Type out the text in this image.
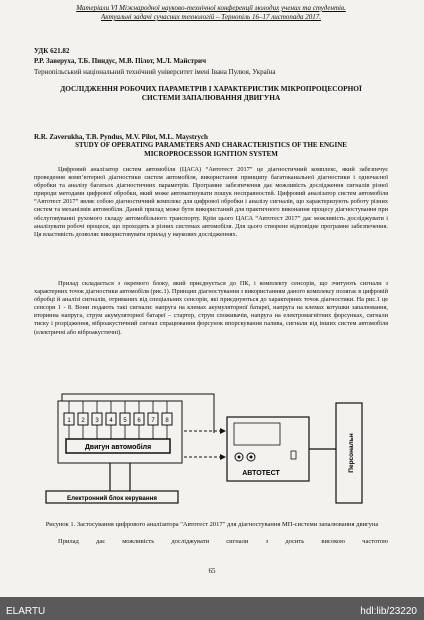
Матеріали VI Міжнародної науково-технічної конференції молодих учених та студентів.
Актуальні задачі сучасних технологій – Тернопіль 16–17 листопада 2017.
УДК 621.82
Р.Р. Заверуха, Т.Б. Пиндус, М.В. Пілот, М.Л. Майстрич
Тернопільський національний технічний університет імені Івана Пулюя, Україна
ДОСЛІДЖЕННЯ РОБОЧИХ ПАРАМЕТРІВ І ХАРАКТЕРИСТИК МІКРОПРОЦЕСОРНОЇ СИСТЕМИ ЗАПАЛЮВАННЯ ДВИГУНА
R.R. Zaverukha, T.B. Pyndus, M.V. Pilot, M.L. Maystrych
STUDY OF OPERATING PARAMETERS AND CHARACTERISTICS OF THE ENGINE MICROPROCESSOR IGNITION SYSTEM
Цифровий аналізатор систем автомобіля (ЦАСА) “Автотест 2017” це діагностичний комплекс, який забезпечує проведення комп’ютерної діагностики систем автомобіля, використання принципу багатоканальної діагностики і одночасної обробки та аналізу багатьох діагностичних параметрів. Програмне забезпечення дає можливість дослідження сигналів різної природи методами цифрової обробки, який може автоматизувати пошук несправностей. Цифровий аналізатор систем автомобіля “Автотест 2017” являє собою діагностичний комплекс для цифрової обробки і аналізу сигналів, що характеризують роботу різних систем та механізмів автомобіля. Даний прилад може бути використаний для практичного виконання процесу діагностування при обслуговуванні рухомого складу автомобільного транспорту. Крім цього ЦАСА “Автотест 2017” дає можливість досліджувати і аналізувати робочі процеси, що проходять в різних системах автомобіля. Для цього створене відповідне програмне забезпечення. Ця властивість дозволяє використовувати прилад у наукових дослідженнях.
Прилад складається з окремого блоку, який приєднується до ПК, і комплекту сенсорів, що зчитують сигнали з характерних точок діагностики автомобіля (рис.1). Принцип діагностування з використанням даного комплексу полягає в цифровій обробці й аналізі сигналів, отриманих від спеціальних сенсорів, які приєднуються до характерних точок діагностики. На рис.1 це сенсори 1 - 8. Вони подають такі сигнали: напруга на клемах акумуляторної батареї, напруга на клемах котушки запалювання, вторинна напруга, струм акумуляторної батареї – стартер, струм споживачів, напруга на електромагнітних форсунках, сигнали тиску і розрідження, віброакустичний сигнал спрацювання форсунок впорскування палива, сигнали від інших систем автомобіля (електричні або віброакустичні).
1 2 3 4 5 6 7 8
Двигун автомобіля
Електронний блок керування
АВТОТЕСТ
Персональн
Рисунок 1. Застосування цифрового аналізатора "Автотест 2017" для діагностування МП-системи запалювання двигуна
Прилад дає можливість досліджувати сигнали з досить високою частотою
65
ELARTU	hdl:lib/23220
